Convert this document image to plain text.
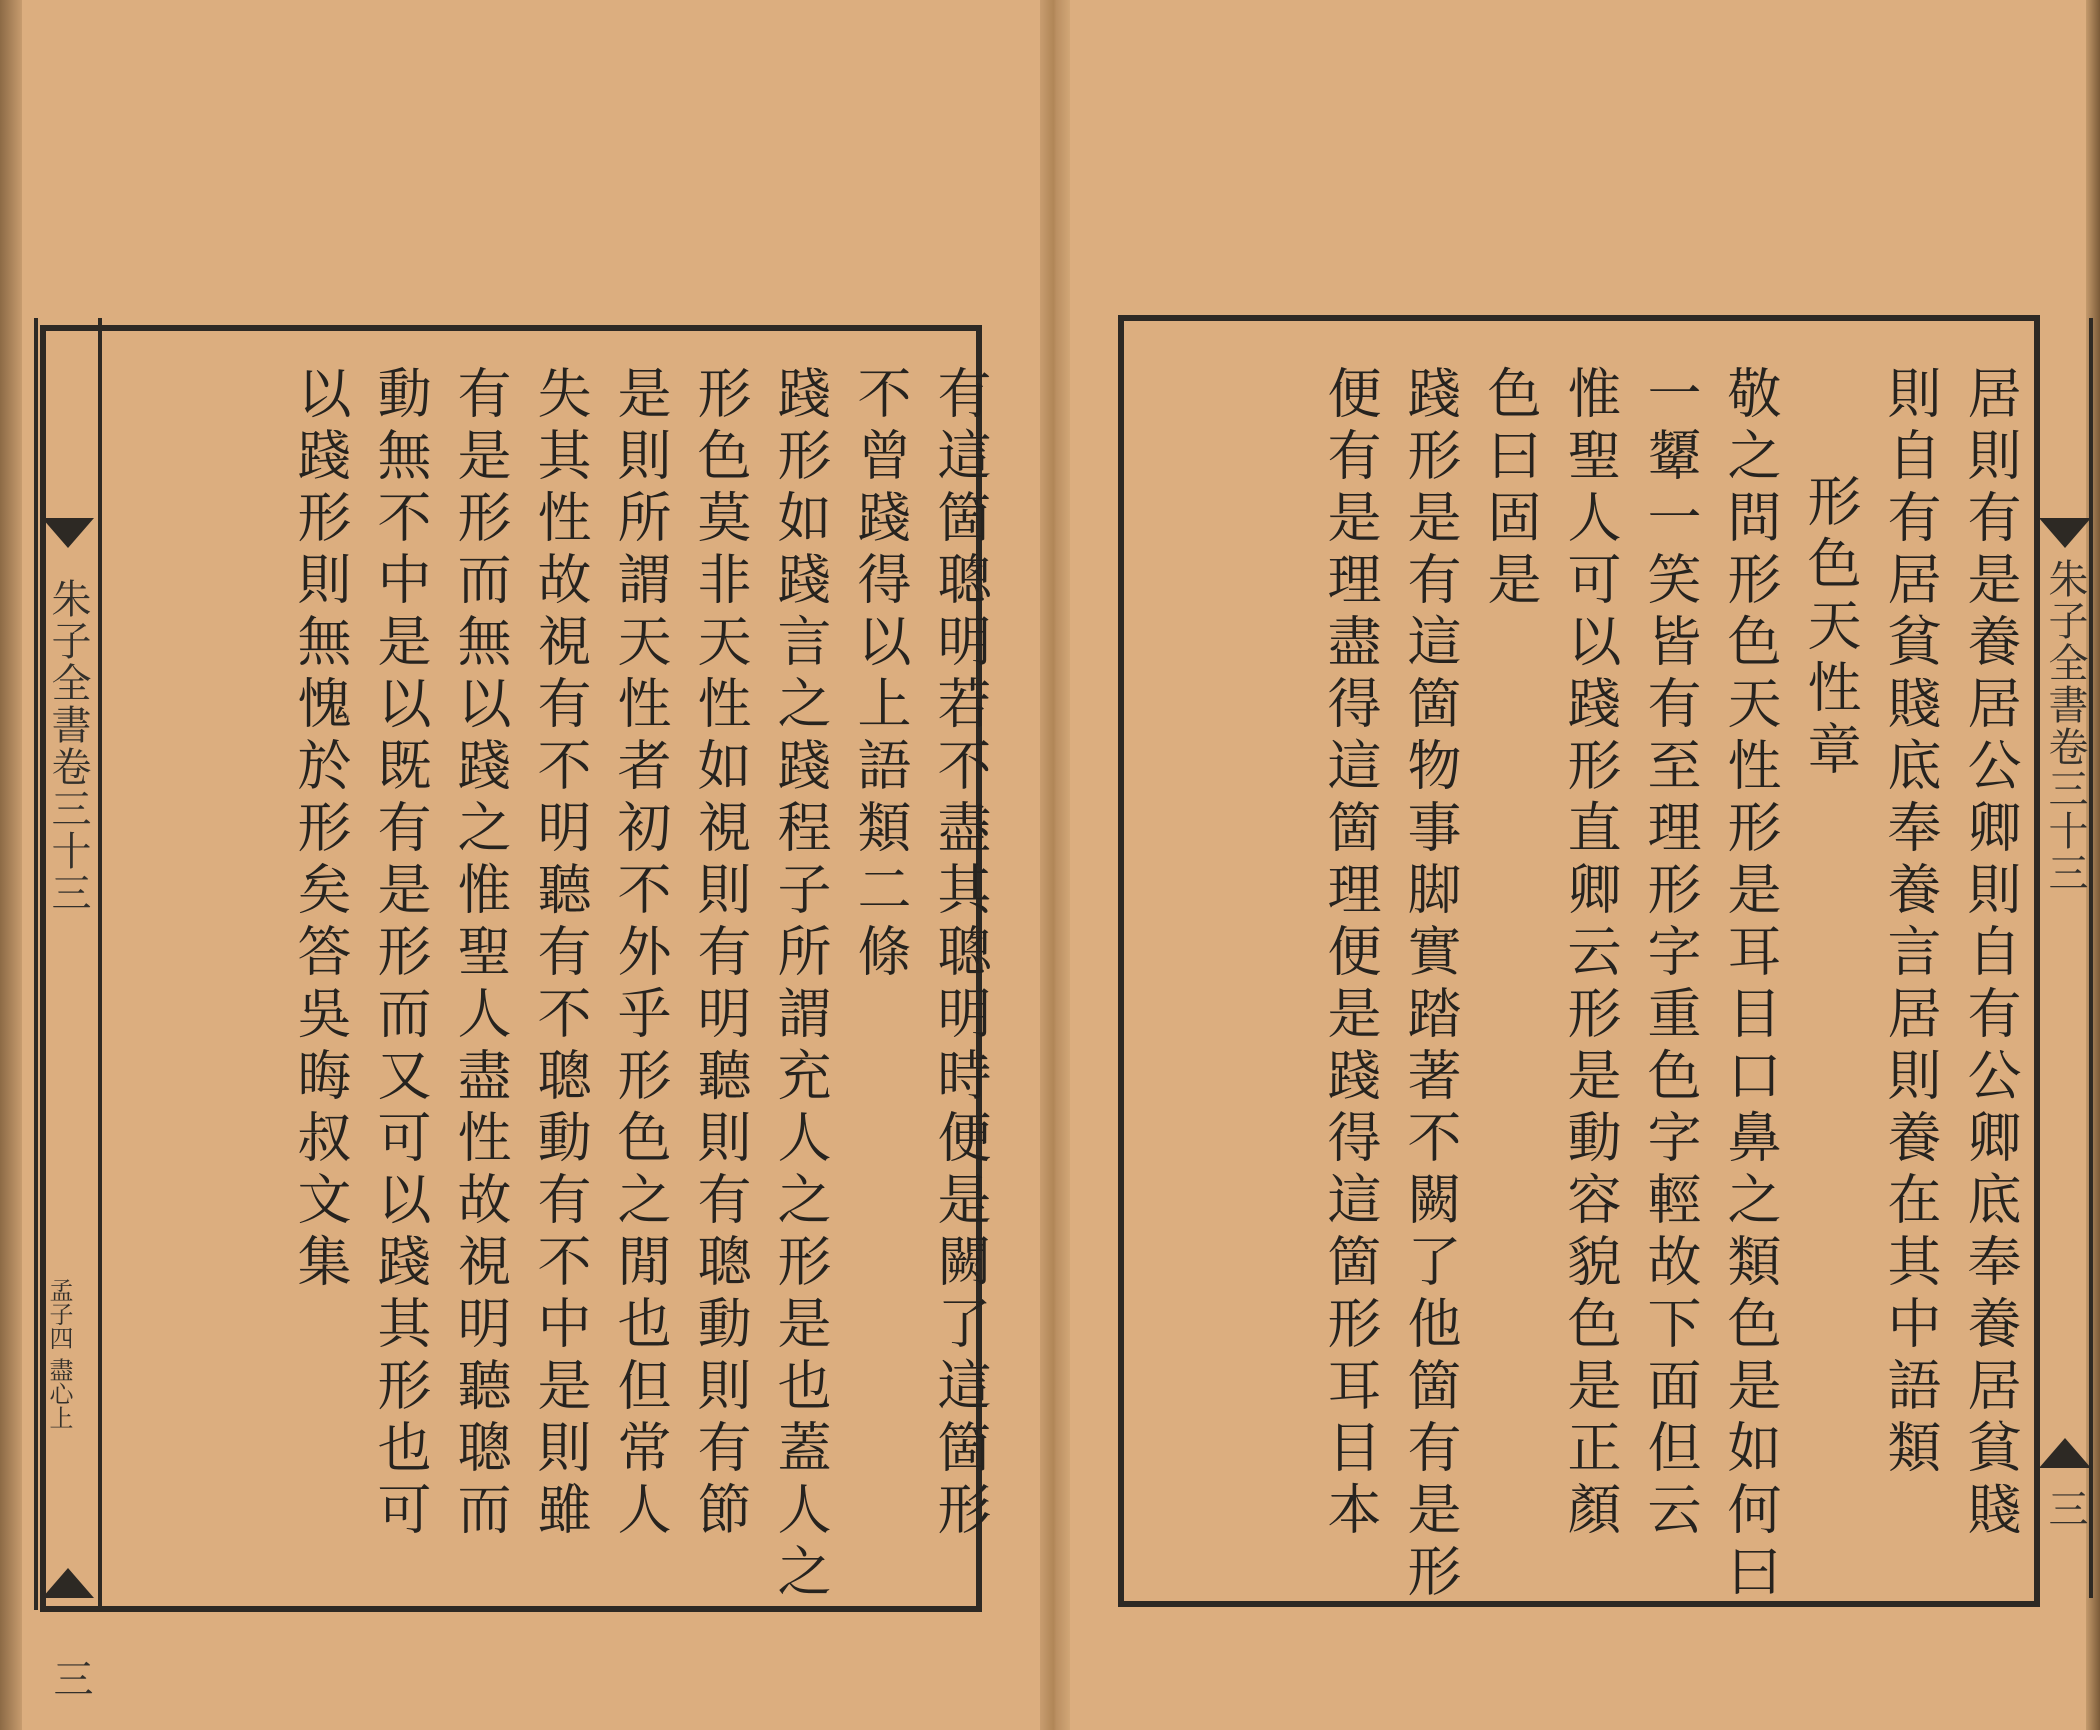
朱子全書卷三十三
孟子四 盡心上
三
朱子全書卷三十三
三
有這箇聰明若不盡其聰明時便是闕了這箇形
不曾踐得以上語類二條
踐形如踐言之踐程子所謂充人之形是也蓋人之
形色莫非天性如視則有明聽則有聰動則有節
是則所謂天性者初不外乎形色之閒也但常人
失其性故視有不明聽有不聰動有不中是則雖
有是形而無以踐之惟聖人盡性故視明聽聰而
動無不中是以既有是形而又可以踐其形也可
以踐形則無愧於形矣答吳晦叔文集	居則有是養居公卿則自有公卿底奉養居貧賤
則自有居貧賤底奉養言居則養在其中語類
形色天性章
敬之問形色天性形是耳目口鼻之類色是如何曰
一顰一笑皆有至理形字重色字輕故下面但云
惟聖人可以踐形直卿云形是動容貌色是正顏
色曰固是
踐形是有這箇物事脚實踏著不闕了他箇有是形
便有是理盡得這箇理便是踐得這箇形耳目本
